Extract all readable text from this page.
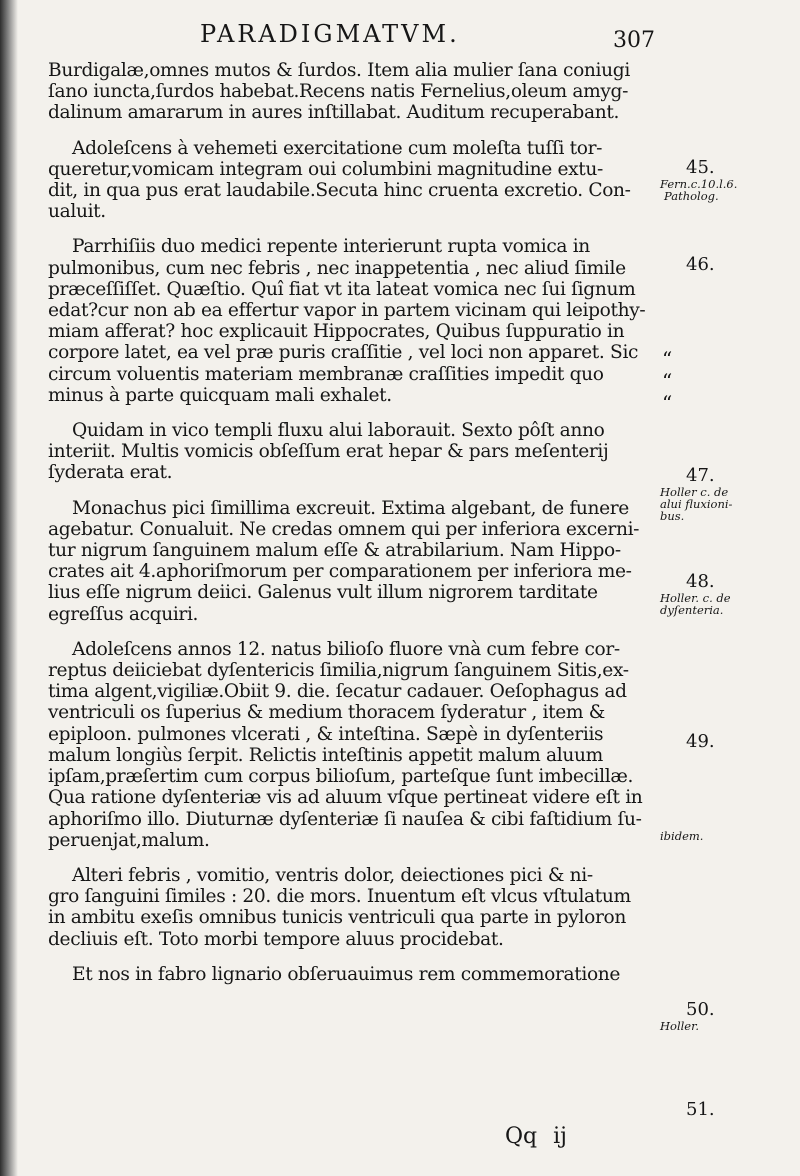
PARADIGMATVM.	307
Burdigalæ,omnes mutos & ſurdos. Item alia mulier ſana coniugi
ſano iuncta,ſurdos habebat.Recens natis Fernelius,oleum amyg-
dalinum amararum in aures inſtillabat. Auditum recuperabant.
Adoleſcens à vehemeti exercitatione cum moleſta tuſſi tor-
queretur,vomicam integram oui columbini magnitudine extu-
dit, in qua pus erat laudabile.Secuta hinc cruenta excretio. Con-
ualuit.
Parrhiſiis duo medici repente interierunt rupta vomica in
pulmonibus, cum nec febris , nec inappetentia , nec aliud ſimile
præceſſiſſet. Quæſtio. Quî fiat vt ita lateat vomica nec ſui ſignum
edat?cur non ab ea effertur vapor in partem vicinam qui leipothy-
miam afferat? hoc explicauit Hippocrates, Quibus ſuppuratio in
corpore latet, ea vel præ puris craſſitie , vel loci non apparet. Sic
circum voluentis materiam membranæ craſſities impedit quo
minus à parte quicquam mali exhalet.
Quidam in vico templi fluxu alui laborauit. Sexto pôſt anno
interiit. Multis vomicis obſeſſum erat hepar & pars meſenterij
ſyderata erat.
Monachus pici ſimillima excreuit. Extima algebant, de funere
agebatur. Conualuit. Ne credas omnem qui per inferiora excerni-
tur nigrum ſanguinem malum eſſe & atrabilarium. Nam Hippo-
crates ait 4.aphoriſmorum per comparationem per inferiora me-
lius eſſe nigrum deiici. Galenus vult illum nigrorem tarditate
egreſſus acquiri.
Adoleſcens annos 12. natus bilioſo fluore vnà cum febre cor-
reptus deiiciebat dyſentericis ſimilia,nigrum ſanguinem Sitis,ex-
tima algent,vigiliæ.Obiit 9. die. ſecatur cadauer. Oeſophagus ad
ventriculi os ſuperius & medium thoracem ſyderatur , item &
epiploon. pulmones vlcerati , & inteſtina. Sæpè in dyſenteriis
malum longiùs ſerpit. Relictis inteſtinis appetit malum aluum
ipſam,præſertim cum corpus bilioſum, parteſque ſunt imbecillæ.
Qua ratione dyſenteriæ vis ad aluum vſque pertineat videre eſt in
aphoriſmo illo. Diuturnæ dyſenteriæ ſi nauſea & cibi faſtidium ſu-
peruenjat,malum.
Alteri febris , vomitio, ventris dolor, deiectiones pici & ni-
gro ſanguini ſimiles : 20. die mors. Inuentum eſt vlcus vſtulatum
in ambitu exeſis omnibus tunicis ventriculi qua parte in pyloron
decliuis eſt. Toto morbi tempore aluus procidebat.
Et nos in fabro lignario obſeruauimus rem commemoratione
45.
Fern.c.10.l.6.
Patholog.
46.
47.
Holler c. de
alui fluxioni-
bus.
48.
Holler. c. de
dyſenteria.
49.
ibidem.
50.
Holler.
51.
“
“
“
Qq ij
